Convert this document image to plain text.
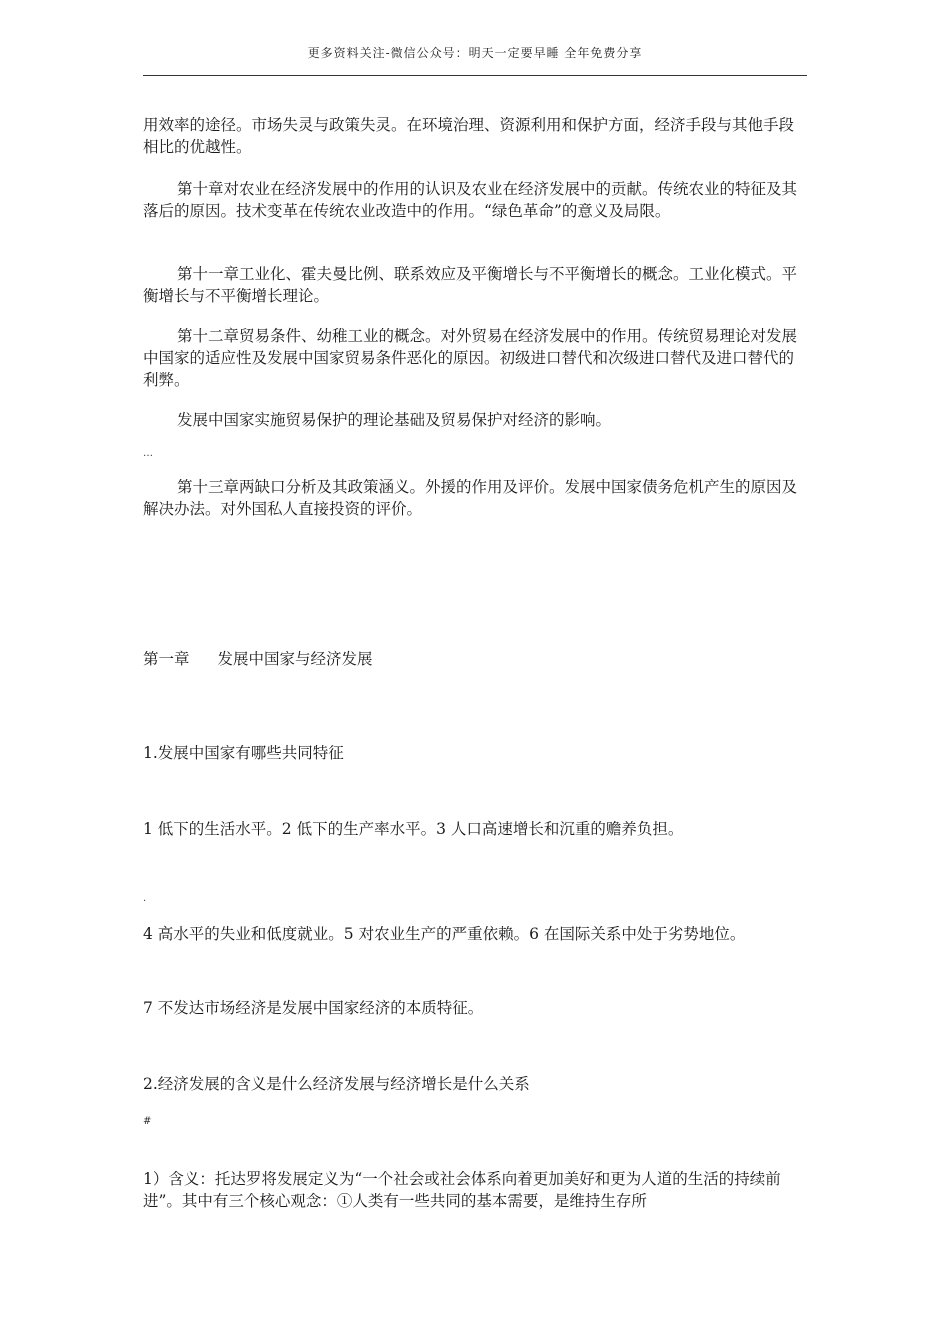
更多资料关注-微信公众号：明天一定要早睡 全年免费分享

用效率的途径。市场失灵与政策失灵。在环境治理、资源利用和保护方面，经济手段与其他手段相比的优越性。

第十章对农业在经济发展中的作用的认识及农业在经济发展中的贡献。传统农业的特征及其落后的原因。技术变革在传统农业改造中的作用。“绿色革命”的意义及局限。

第十一章工业化、霍夫曼比例、联系效应及平衡增长与不平衡增长的概念。工业化模式。平衡增长与不平衡增长理论。

第十二章贸易条件、幼稚工业的概念。对外贸易在经济发展中的作用。传统贸易理论对发展中国家的适应性及发展中国家贸易条件恶化的原因。初级进口替代和次级进口替代及进口替代的利弊。

发展中国家实施贸易保护的理论基础及贸易保护对经济的影响。

…

第十三章两缺口分析及其政策涵义。外援的作用及评价。发展中国家债务危机产生的原因及解决办法。对外国私人直接投资的评价。

第一章 发展中国家与经济发展

1.发展中国家有哪些共同特征

1 低下的生活水平。2 低下的生产率水平。3 人口高速增长和沉重的赡养负担。

.

4 高水平的失业和低度就业。5 对农业生产的严重依赖。6 在国际关系中处于劣势地位。

7 不发达市场经济是发展中国家经济的本质特征。

2.经济发展的含义是什么经济发展与经济增长是什么关系

#

1）含义：托达罗将发展定义为“一个社会或社会体系向着更加美好和更为人道的生活的持续前进”。其中有三个核心观念：①人类有一些共同的基本需要，是维持生存所
